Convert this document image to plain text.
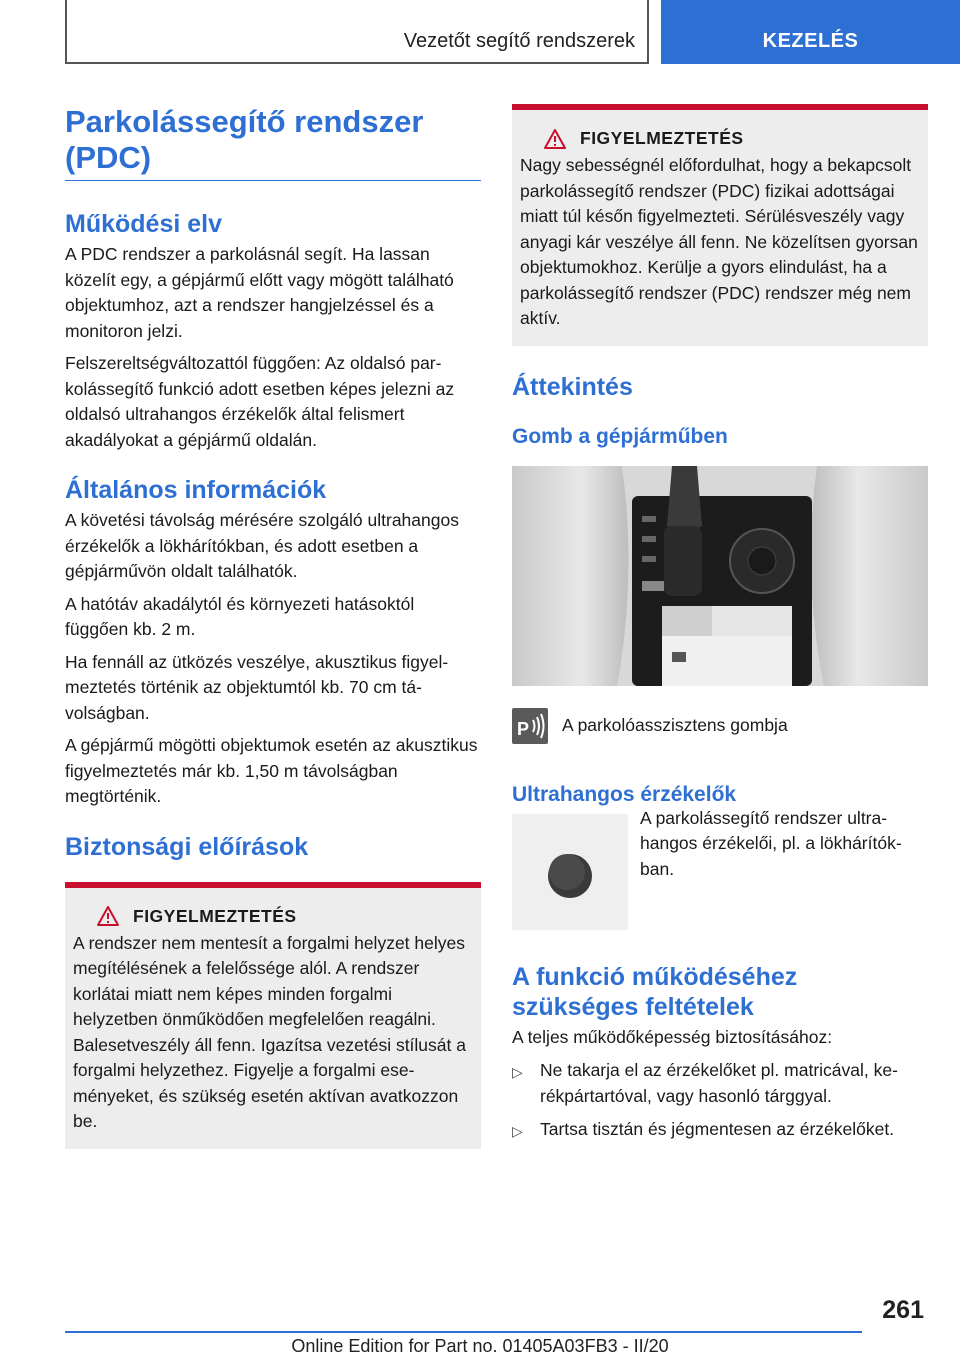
Vezetőt segítő rendszerek	KEZELÉS
Parkolássegítő rendszer (PDC)
Működési elv

A PDC rendszer a parkolásnál segít. Ha lassan közelít egy, a gépjármű előtt vagy mögött található objektumhoz, azt a rendszer hangjelzéssel és a monitoron jelzi.

Felszereltségváltozattól függően: Az oldalsó parkolássegítő funkció adott esetben képes jelezni az oldalsó ultrahangos érzékelők által felismert akadályokat a gépjármű oldalán.

Általános információk

A követési távolság mérésére szolgáló ultrahangos érzékelők a lökhárítókban, és adott esetben a gépjárművön oldalt találhatók.

A hatótáv akadálytól és környezeti hatásoktól függően kb. 2 m.

Ha fennáll az ütközés veszélye, akusztikus figyelmeztetés történik az objektumtól kb. 70 cm távolságban.

A gépjármű mögötti objektumok esetén az akusztikus figyelmeztetés már kb. 1,50 m távolságban megtörténik.

Biztonsági előírások
FIGYELMEZTETÉS

A rendszer nem mentesít a forgalmi helyzet helyes megítélésének a felelőssége alól. A rendszer korlátai miatt nem képes minden forgalmi helyzetben önműködően megfelelően reagálni. Balesetveszély áll fenn. Igazítsa vezetési stílusát a forgalmi helyzethez. Figyelje a forgalmi eseményeket, és szükség esetén aktívan avatkozzon be.

FIGYELMEZTETÉS

Nagy sebességnél előfordulhat, hogy a bekapcsolt parkolássegítő rendszer (PDC) fizikai adottságai miatt túl későn figyelmezteti. Sérülésveszély vagy anyagi kár veszélye áll fenn. Ne közelítsen gyorsan objektumokhoz. Kerülje a gyors elindulást, ha a parkolássegítő rendszer (PDC) rendszer még nem aktív.

Áttekintés
Gomb a gépjárműben
P A parkolóasszisztens gombja
Ultrahangos érzékelők

A parkolássegítő rendszer ultrahangos érzékelői, pl. a lökhárítókban.

A funkció működéséhez szükséges feltételek

A teljes működőképesség biztosításához:

▷ Ne takarja el az érzékelőket pl. matricával, kerékpártartóval, vagy hasonló tárggyal.
▷ Tartsa tisztán és jégmentesen az érzékelőket.
261
Online Edition for Part no. 01405A03FB3 - II/20
